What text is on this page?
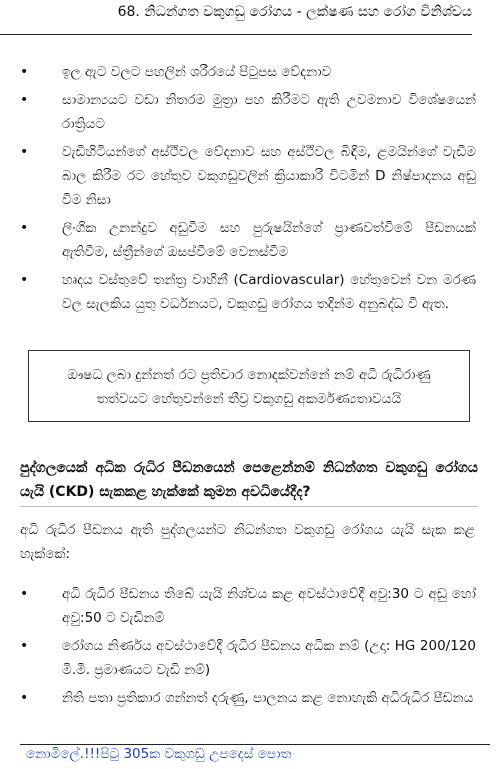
68. නිධන්ගත වකුගඩු රෝගය - ලක්ෂණ සහ රෝග විනිශ්චය
• ඉල ඇට වලට පහලින් ශරීරයේ පිටුපස වේදනාව
• සාමාන්‍යයට වඩා නිතරම මුත්‍රා පහ කිරීමට ඇති උවමනාව විශේෂයෙන් රාත්‍රියට
• වැඩිහිටියන්ගේ අස්ථිවල වේදනාව සහ අස්ථිවල බිඳීම, ළමයින්ගේ වැඩීම බාල කිරීම රට හේතුව වකුගඩුවලින් ක්‍රියාකාරී විටමින් D නිෂ්පාදනය අඩු වීම නිසා
• ලිංගික උනන්දුව අඩුවීම සහ පුරුෂයින්ගේ ප්‍රාණවත්වීමේ පීඩනයක් ඇතිවීම, ස්ත්‍රීන්ගේ ඔසප්වීමේ වෙනස්වීම
• හෘදය වස්තුවේ තන්ත්‍ර වාහිනී (Cardiovascular) හේතුවෙන් වන මරණ වල සැලකිය යුතු වර්ධනයට, වකුගඩු රෝගය තදින්ම අනුබද්ධ වී ඇත.
ඖෂධ ලබා දුන්නත් රට ප්‍රතිචාර නොදක්වන්නේ නම් අධි රුධිරාණු තත්වයට හේතුවන්නේ තීව්‍ර වකුගඩු අකර්මණ්‍යතාවයයි
පුද්ගලයෙක් අධික රුධිර පීඩනයෙන් පෙළෙන්නම් නිධන්ගත වකුගඩු රෝගය යැයි (CKD) සැකකළ හැක්කේ කුමන අවධියේදීද?
අධි රුධිර පීඩනය ඇති පුද්ගලයන්ට නිධන්ගත වකුගඩු රෝගය යැයි සැක කළ හැක්කේ:
• අධි රුධිර පීඩනය තිබේ යැයි නිශ්චය කළ අවස්ථාවේදී අවු:30 ට අඩු හෝ අවු:50 ට වැඩිනම්
• රෝගය නිර්ණය අවස්ථාවේදී රුධිර පීඩනය අධික නම් (උදා: HG 200/120 මි.මී. ප්‍රමාණයට වැඩි නම්)
• නිති පතා ප්‍රතිකාර ගන්නත් දරුණු, පාලනය කළ නොහැකි අධිරුධිර පීඩනය
නොමිලේ.!!!පිටු 305ක වකුගඩු උපදෙස් පොත
